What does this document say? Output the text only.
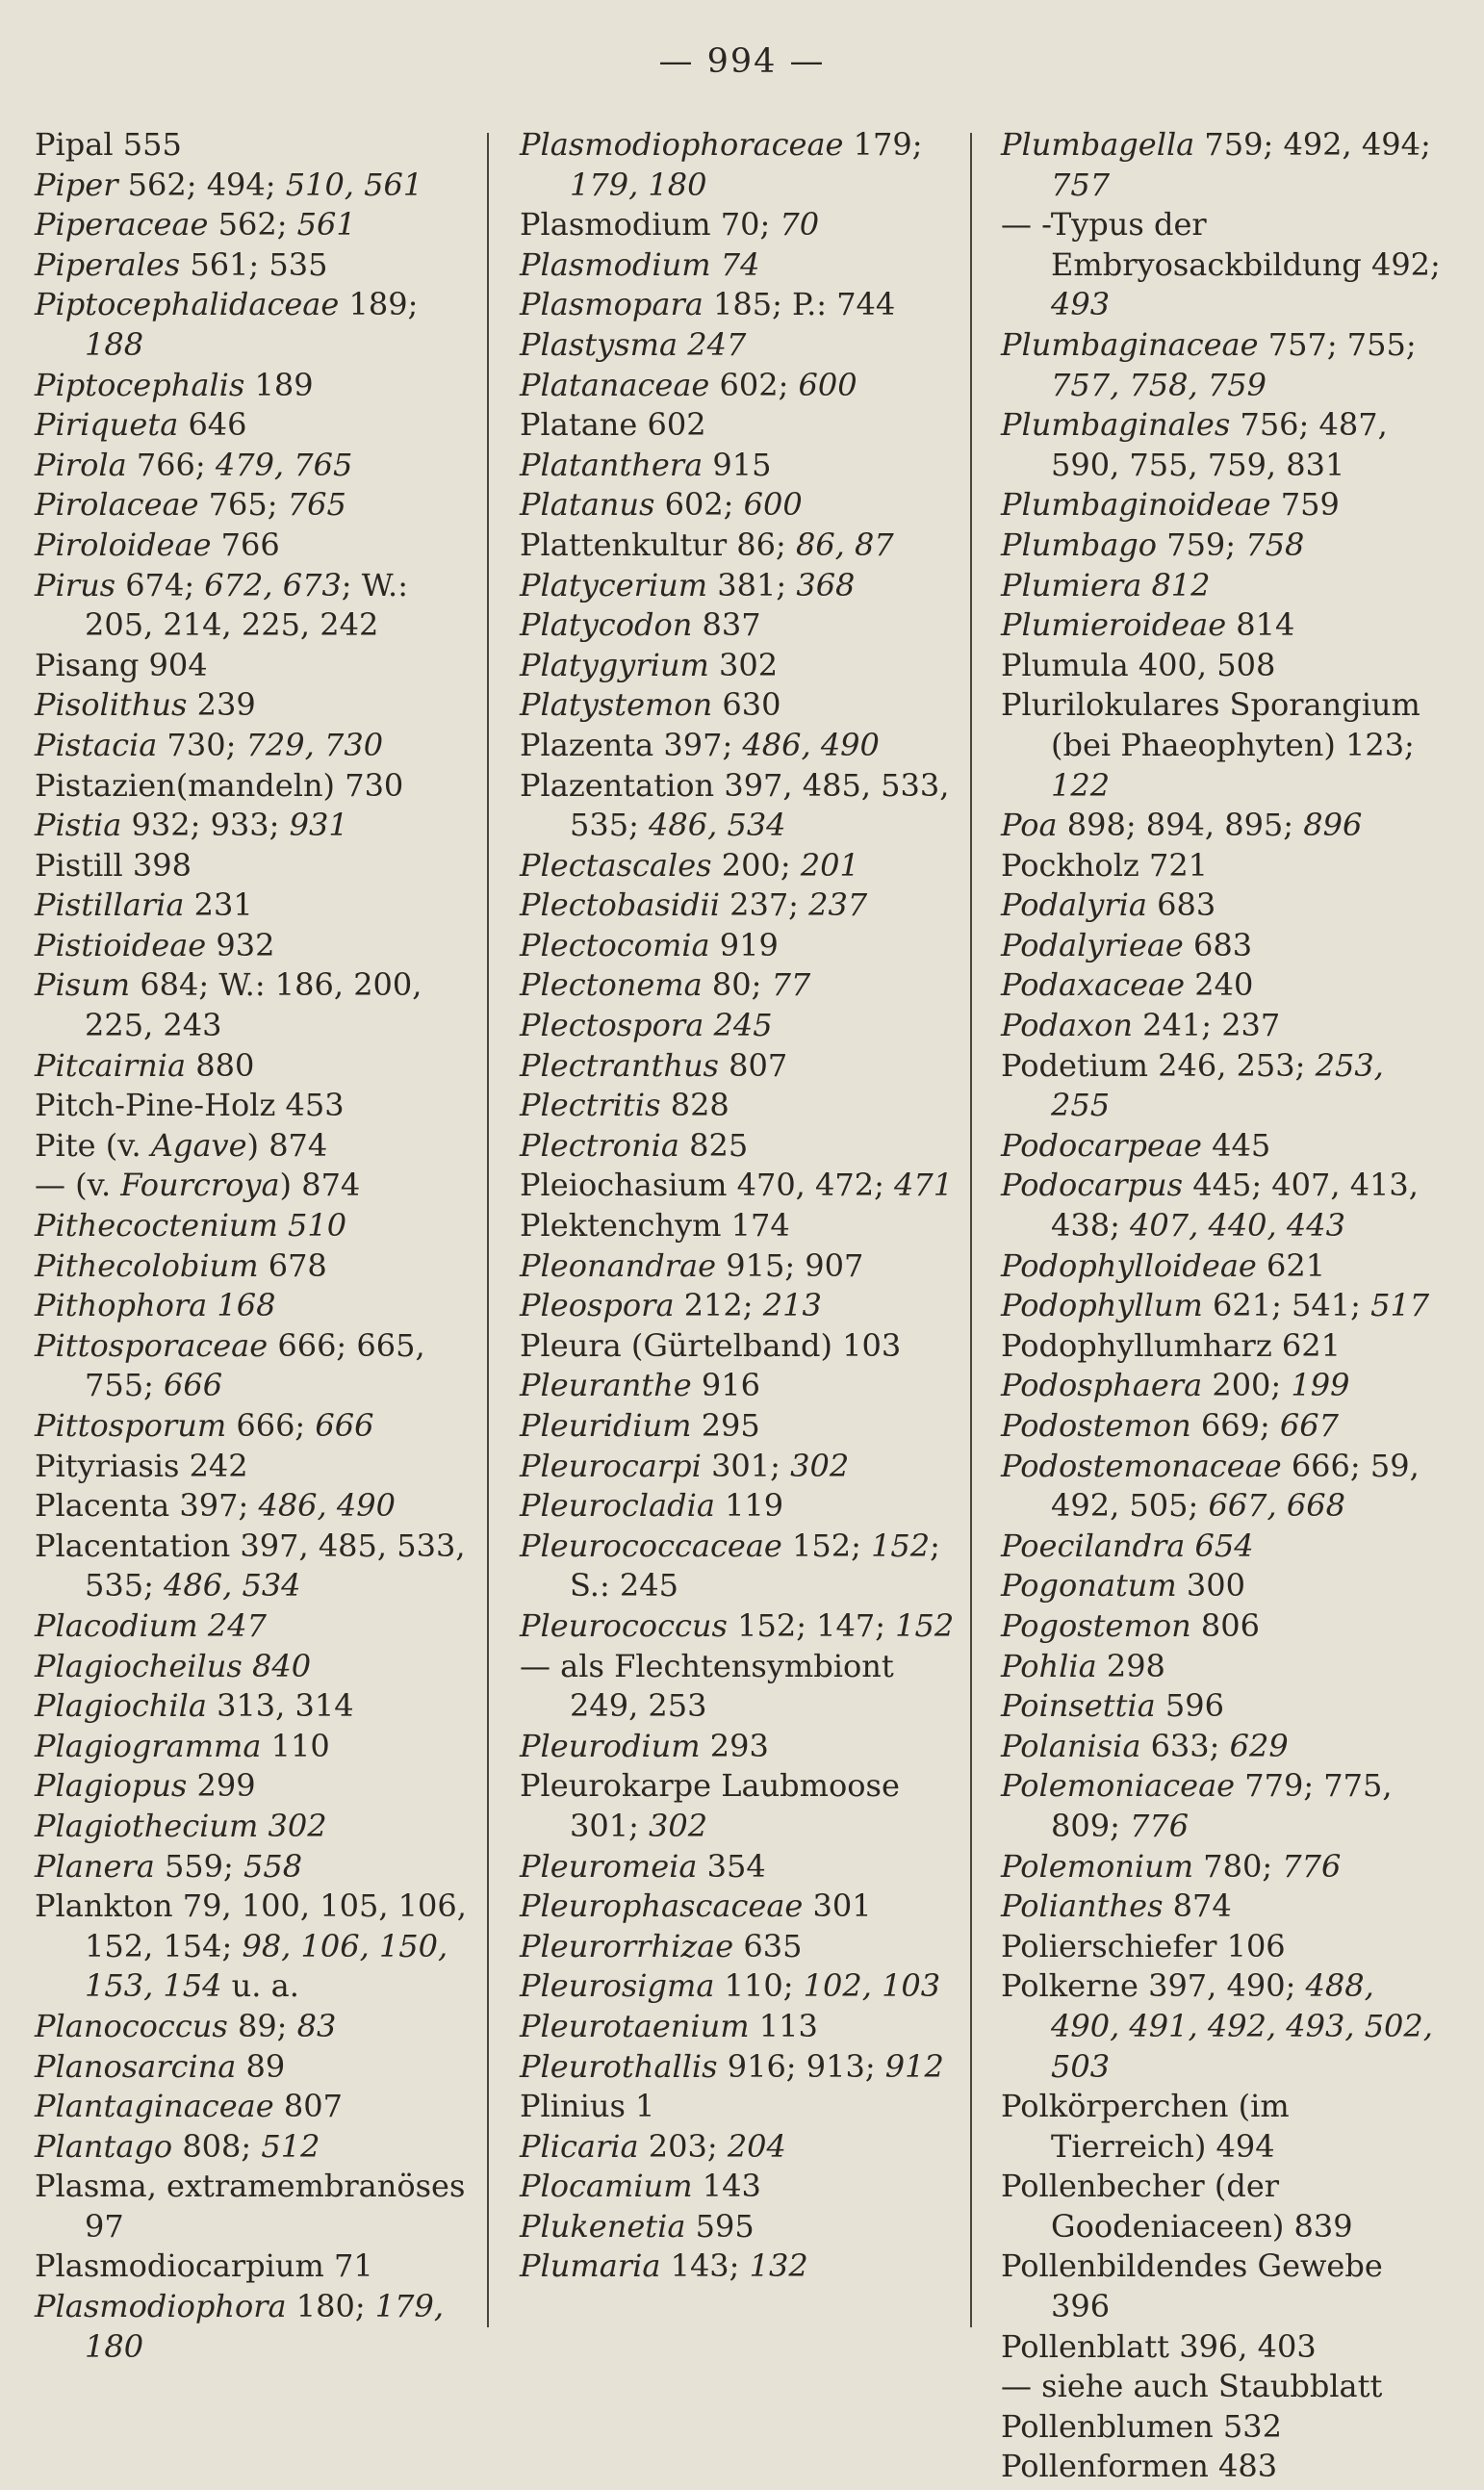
— 994 —
Pipal 555
Piper 562; 494; 510, 561
Piperaceae 562; 561
Piperales 561; 535
Piptocephalidaceae 189; 188
Piptocephalis 189
Piriqueta 646
Pirola 766; 479, 765
Pirolaceae 765; 765
Piroloideae 766
Pirus 674; 672, 673; W.: 205, 214, 225, 242
Pisang 904
Pisolithus 239
Pistacia 730; 729, 730
Pistazien(mandeln) 730
Pistia 932; 933; 931
Pistill 398
Pistillaria 231
Pistioideae 932
Pisum 684; W.: 186, 200, 225, 243
Pitcairnia 880
Pitch-Pine-Holz 453
Pite (v. Agave) 874
— (v. Fourcroya) 874
Pithecoctenium 510
Pithecolobium 678
Pithophora 168
Pittosporaceae 666; 665, 755; 666
Pittosporum 666; 666
Pityriasis 242
Placenta 397; 486, 490
Placentation 397, 485, 533, 535; 486, 534
Placodium 247
Plagiocheilus 840
Plagiochila 313, 314
Plagiogramma 110
Plagiopus 299
Plagiothecium 302
Planera 559; 558
Plankton 79, 100, 105, 106, 152, 154; 98, 106, 150, 153, 154 u. a.
Planococcus 89; 83
Planosarcina 89
Plantaginaceae 807
Plantago 808; 512
Plasma, extramembranöses 97
Plasmodiocarpium 71
Plasmodiophora 180; 179, 180
Plasmodiophoraceae 179; 179, 180
Plasmodium 70; 70
Plasmodium 74
Plasmopara 185; P.: 744
Plastysma 247
Platanaceae 602; 600
Platane 602
Platanthera 915
Platanus 602; 600
Plattenkultur 86; 86, 87
Platycerium 381; 368
Platycodon 837
Platygyrium 302
Platystemon 630
Plazenta 397; 486, 490
Plazentation 397, 485, 533, 535; 486, 534
Plectascales 200; 201
Plectobasidii 237; 237
Plectocomia 919
Plectonema 80; 77
Plectospora 245
Plectranthus 807
Plectritis 828
Plectronia 825
Pleiochasium 470, 472; 471
Plektenchym 174
Pleonandrae 915; 907
Pleospora 212; 213
Pleura (Gürtelband) 103
Pleuranthe 916
Pleuridium 295
Pleurocarpi 301; 302
Pleurocladia 119
Pleurococcaceae 152; 152; S.: 245
Pleurococcus 152; 147; 152
— als Flechtensymbiont 249, 253
Pleurodium 293
Pleurokarpe Laubmoose 301; 302
Pleuromeia 354
Pleurophascaceae 301
Pleurorrhizae 635
Pleurosigma 110; 102, 103
Pleurotaenium 113
Pleurothallis 916; 913; 912
Plinius 1
Plicaria 203; 204
Plocamium 143
Plukenetia 595
Plumaria 143; 132
Plumbagella 759; 492, 494; 757
— -Typus der Embryosackbildung 492; 493
Plumbaginaceae 757; 755; 757, 758, 759
Plumbaginales 756; 487, 590, 755, 759, 831
Plumbaginoideae 759
Plumbago 759; 758
Plumiera 812
Plumieroideae 814
Plumula 400, 508
Plurilokulares Sporangium (bei Phaeophyten) 123; 122
Poa 898; 894, 895; 896
Pockholz 721
Podalyria 683
Podalyrieae 683
Podaxaceae 240
Podaxon 241; 237
Podetium 246, 253; 253, 255
Podocarpeae 445
Podocarpus 445; 407, 413, 438; 407, 440, 443
Podophylloideae 621
Podophyllum 621; 541; 517
Podophyllumharz 621
Podosphaera 200; 199
Podostemon 669; 667
Podostemonaceae 666; 59, 492, 505; 667, 668
Poecilandra 654
Pogonatum 300
Pogostemon 806
Pohlia 298
Poinsettia 596
Polanisia 633; 629
Polemoniaceae 779; 775, 809; 776
Polemonium 780; 776
Polianthes 874
Polierschiefer 106
Polkerne 397, 490; 488, 490, 491, 492, 493, 502, 503
Polkörperchen (im Tierreich) 494
Pollenbecher (der Goodeniaceen) 839
Pollenbildendes Gewebe 396
Pollenblatt 396, 403
— siehe auch Staubblatt
Pollenblumen 532
Pollenformen 483
